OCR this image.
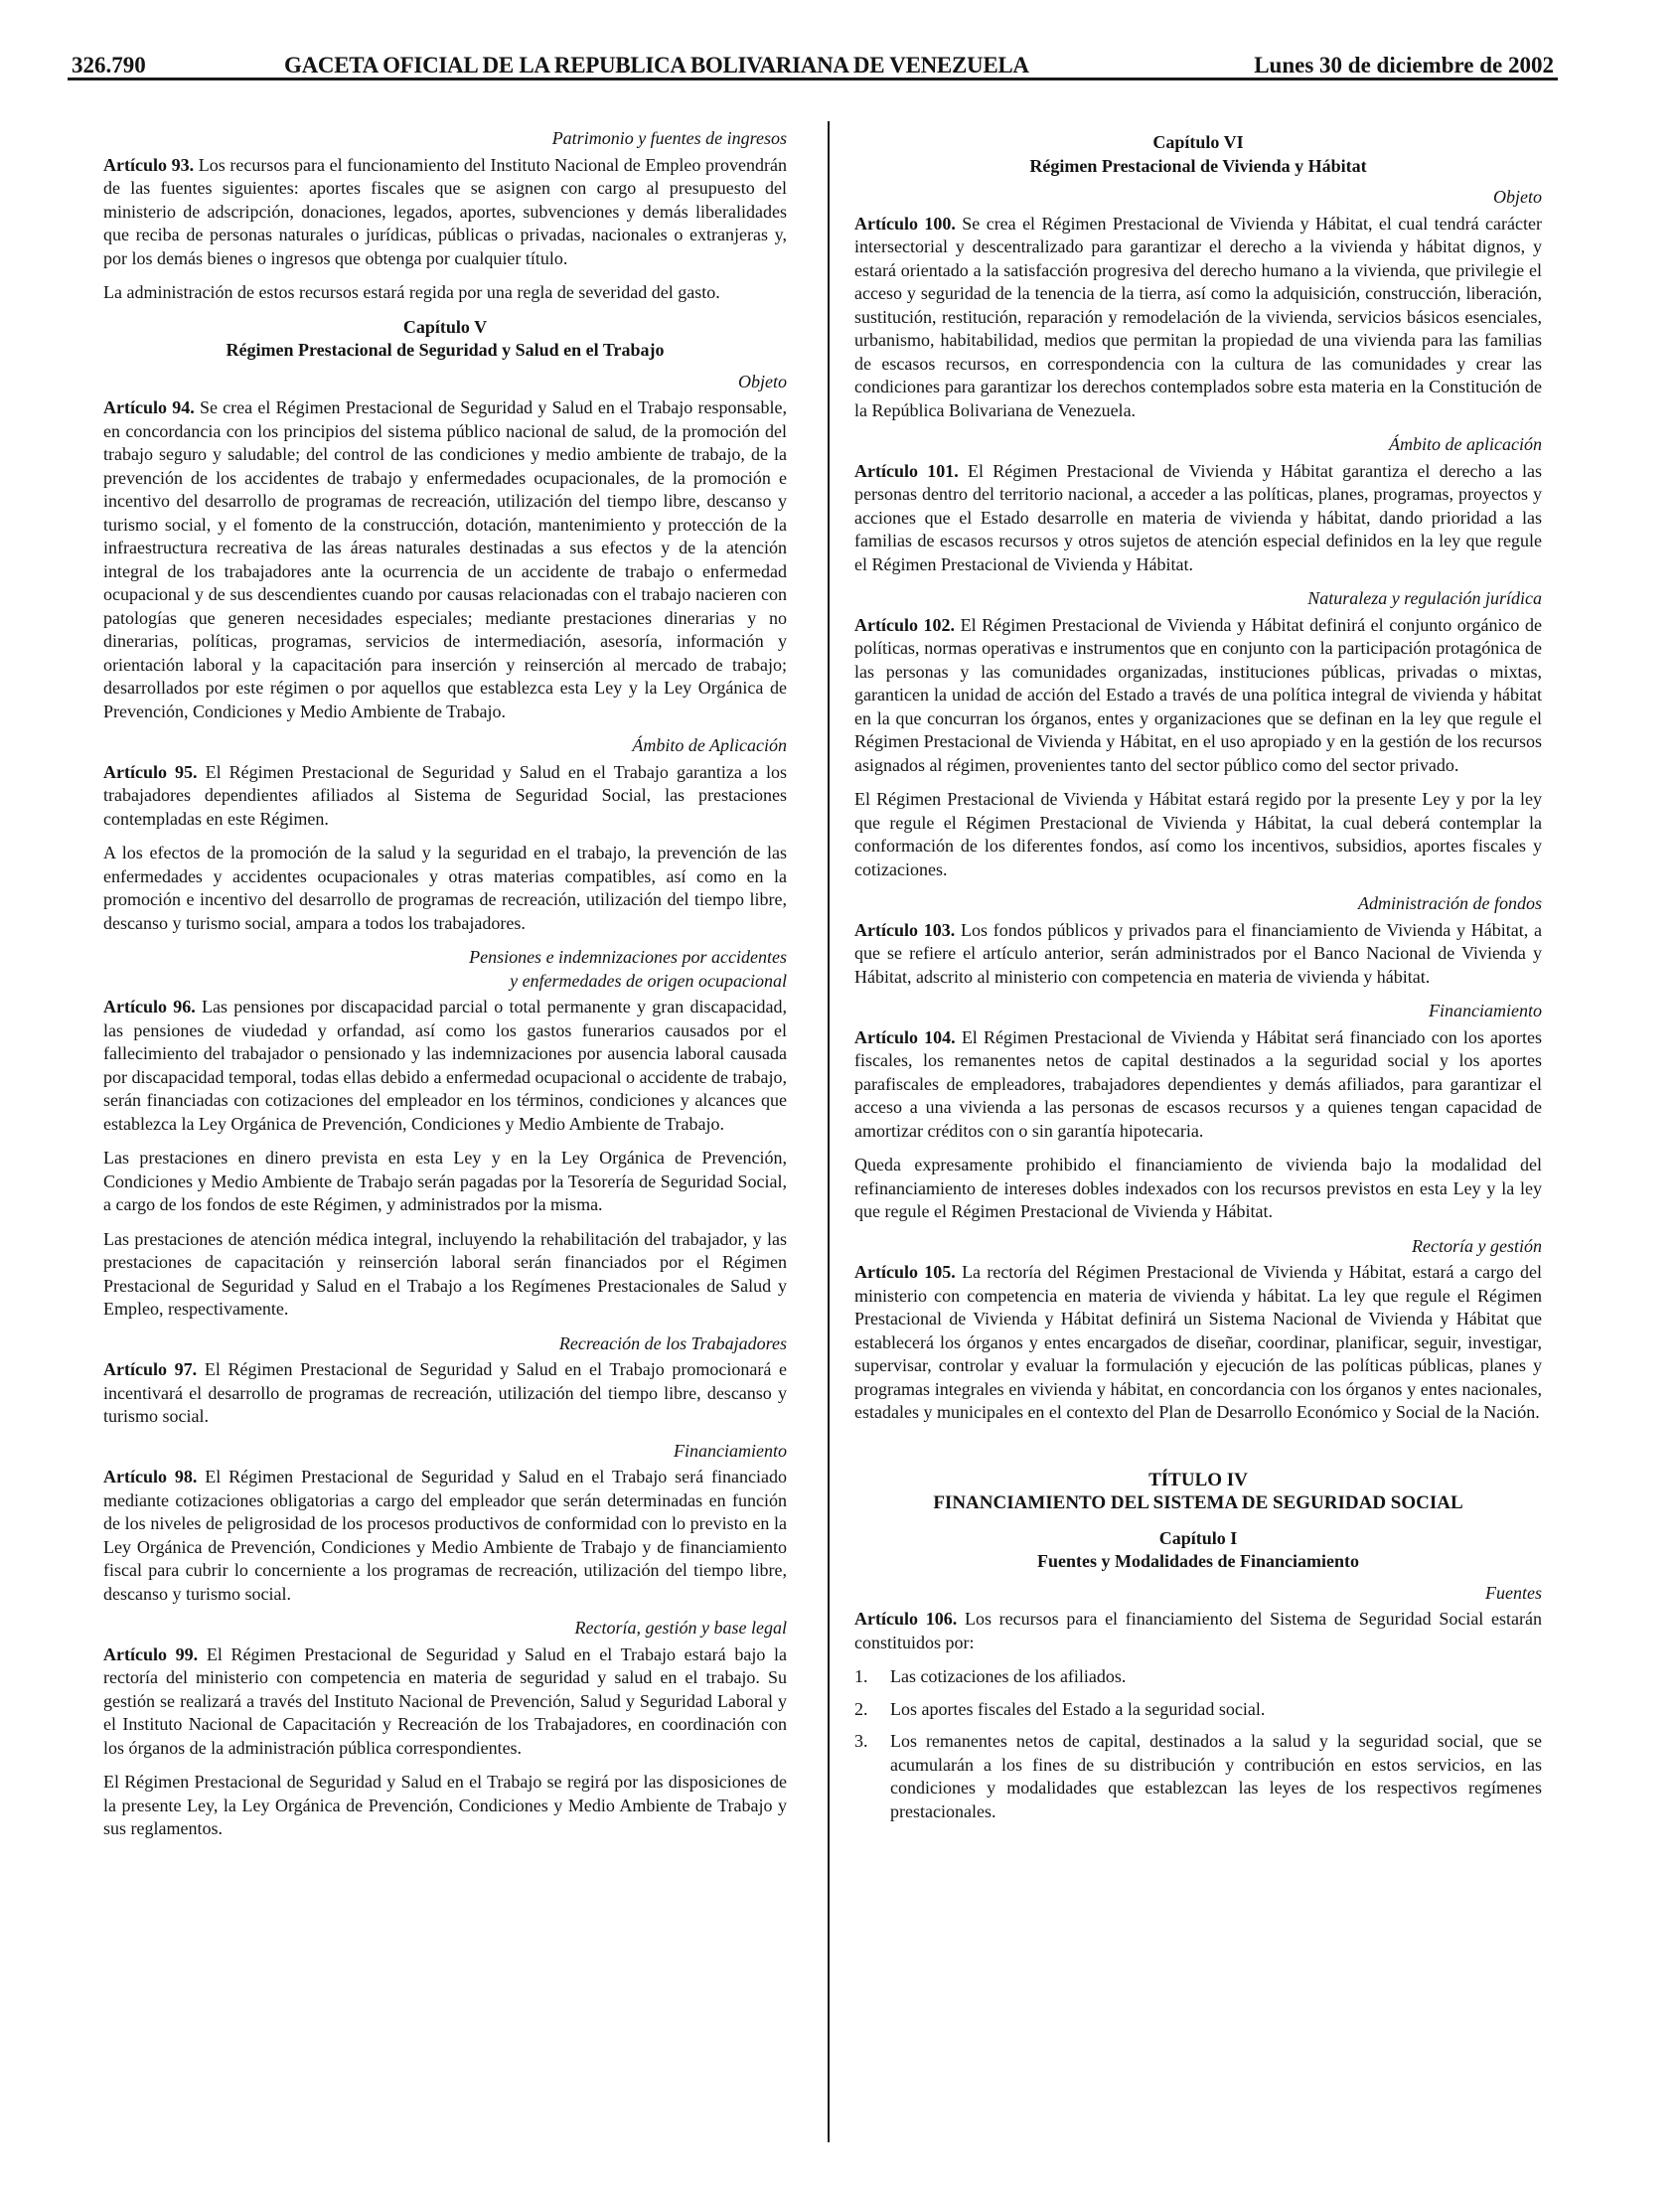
326.790	GACETA OFICIAL DE LA REPUBLICA BOLIVARIANA DE VENEZUELA	Lunes 30 de diciembre de 2002
Patrimonio y fuentes de ingresos

Artículo 93. Los recursos para el funcionamiento del Instituto Nacional de Empleo provendrán de las fuentes siguientes: aportes fiscales que se asignen con cargo al presupuesto del ministerio de adscripción, donaciones, legados, aportes, subvenciones y demás liberalidades que reciba de personas naturales o jurídicas, públicas o privadas, nacionales o extranjeras y, por los demás bienes o ingresos que obtenga por cualquier título.

La administración de estos recursos estará regida por una regla de severidad del gasto.

Capítulo V
Régimen Prestacional de Seguridad y Salud en el Trabajo
Objeto

Artículo 94. Se crea el Régimen Prestacional de Seguridad y Salud en el Trabajo responsable, en concordancia con los principios del sistema público nacional de salud, de la promoción del trabajo seguro y saludable; del control de las condiciones y medio ambiente de trabajo, de la prevención de los accidentes de trabajo y enfermedades ocupacionales, de la promoción e incentivo del desarrollo de programas de recreación, utilización del tiempo libre, descanso y turismo social, y el fomento de la construcción, dotación, mantenimiento y protección de la infraestructura recreativa de las áreas naturales destinadas a sus efectos y de la atención integral de los trabajadores ante la ocurrencia de un accidente de trabajo o enfermedad ocupacional y de sus descendientes cuando por causas relacionadas con el trabajo nacieren con patologías que generen necesidades especiales; mediante prestaciones dinerarias y no dinerarias, políticas, programas, servicios de intermediación, asesoría, información y orientación laboral y la capacitación para inserción y reinserción al mercado de trabajo; desarrollados por este régimen o por aquellos que establezca esta Ley y la Ley Orgánica de Prevención, Condiciones y Medio Ambiente de Trabajo.

Ámbito de Aplicación

Artículo 95. El Régimen Prestacional de Seguridad y Salud en el Trabajo garantiza a los trabajadores dependientes afiliados al Sistema de Seguridad Social, las prestaciones contempladas en este Régimen.

A los efectos de la promoción de la salud y la seguridad en el trabajo, la prevención de las enfermedades y accidentes ocupacionales y otras materias compatibles, así como en la promoción e incentivo del desarrollo de programas de recreación, utilización del tiempo libre, descanso y turismo social, ampara a todos los trabajadores.

Pensiones e indemnizaciones por accidentes
y enfermedades de origen ocupacional

Artículo 96. Las pensiones por discapacidad parcial o total permanente y gran discapacidad, las pensiones de viudedad y orfandad, así como los gastos funerarios causados por el fallecimiento del trabajador o pensionado y las indemnizaciones por ausencia laboral causada por discapacidad temporal, todas ellas debido a enfermedad ocupacional o accidente de trabajo, serán financiadas con cotizaciones del empleador en los términos, condiciones y alcances que establezca la Ley Orgánica de Prevención, Condiciones y Medio Ambiente de Trabajo.

Las prestaciones en dinero prevista en esta Ley y en la Ley Orgánica de Prevención, Condiciones y Medio Ambiente de Trabajo serán pagadas por la Tesorería de Seguridad Social, a cargo de los fondos de este Régimen, y administrados por la misma.

Las prestaciones de atención médica integral, incluyendo la rehabilitación del trabajador, y las prestaciones de capacitación y reinserción laboral serán financiados por el Régimen Prestacional de Seguridad y Salud en el Trabajo a los Regímenes Prestacionales de Salud y Empleo, respectivamente.

Recreación de los Trabajadores

Artículo 97. El Régimen Prestacional de Seguridad y Salud en el Trabajo promocionará e incentivará el desarrollo de programas de recreación, utilización del tiempo libre, descanso y turismo social.

Financiamiento

Artículo 98. El Régimen Prestacional de Seguridad y Salud en el Trabajo será financiado mediante cotizaciones obligatorias a cargo del empleador que serán determinadas en función de los niveles de peligrosidad de los procesos productivos de conformidad con lo previsto en la Ley Orgánica de Prevención, Condiciones y Medio Ambiente de Trabajo y de financiamiento fiscal para cubrir lo concerniente a los programas de recreación, utilización del tiempo libre, descanso y turismo social.

Rectoría, gestión y base legal

Artículo 99. El Régimen Prestacional de Seguridad y Salud en el Trabajo estará bajo la rectoría del ministerio con competencia en materia de seguridad y salud en el trabajo. Su gestión se realizará a través del Instituto Nacional de Prevención, Salud y Seguridad Laboral y el Instituto Nacional de Capacitación y Recreación de los Trabajadores, en coordinación con los órganos de la administración pública correspondientes.

El Régimen Prestacional de Seguridad y Salud en el Trabajo se regirá por las disposiciones de la presente Ley, la Ley Orgánica de Prevención, Condiciones y Medio Ambiente de Trabajo y sus reglamentos.

Capítulo VI
Régimen Prestacional de Vivienda y Hábitat
Objeto

Artículo 100. Se crea el Régimen Prestacional de Vivienda y Hábitat, el cual tendrá carácter intersectorial y descentralizado para garantizar el derecho a la vivienda y hábitat dignos, y estará orientado a la satisfacción progresiva del derecho humano a la vivienda, que privilegie el acceso y seguridad de la tenencia de la tierra, así como la adquisición, construcción, liberación, sustitución, restitución, reparación y remodelación de la vivienda, servicios básicos esenciales, urbanismo, habitabilidad, medios que permitan la propiedad de una vivienda para las familias de escasos recursos, en correspondencia con la cultura de las comunidades y crear las condiciones para garantizar los derechos contemplados sobre esta materia en la Constitución de la República Bolivariana de Venezuela.

Ámbito de aplicación

Artículo 101. El Régimen Prestacional de Vivienda y Hábitat garantiza el derecho a las personas dentro del territorio nacional, a acceder a las políticas, planes, programas, proyectos y acciones que el Estado desarrolle en materia de vivienda y hábitat, dando prioridad a las familias de escasos recursos y otros sujetos de atención especial definidos en la ley que regule el Régimen Prestacional de Vivienda y Hábitat.

Naturaleza y regulación jurídica

Artículo 102. El Régimen Prestacional de Vivienda y Hábitat definirá el conjunto orgánico de políticas, normas operativas e instrumentos que en conjunto con la participación protagónica de las personas y las comunidades organizadas, instituciones públicas, privadas o mixtas, garanticen la unidad de acción del Estado a través de una política integral de vivienda y hábitat en la que concurran los órganos, entes y organizaciones que se definan en la ley que regule el Régimen Prestacional de Vivienda y Hábitat, en el uso apropiado y en la gestión de los recursos asignados al régimen, provenientes tanto del sector público como del sector privado.

El Régimen Prestacional de Vivienda y Hábitat estará regido por la presente Ley y por la ley que regule el Régimen Prestacional de Vivienda y Hábitat, la cual deberá contemplar la conformación de los diferentes fondos, así como los incentivos, subsidios, aportes fiscales y cotizaciones.

Administración de fondos

Artículo 103. Los fondos públicos y privados para el financiamiento de Vivienda y Hábitat, a que se refiere el artículo anterior, serán administrados por el Banco Nacional de Vivienda y Hábitat, adscrito al ministerio con competencia en materia de vivienda y hábitat.

Financiamiento

Artículo 104. El Régimen Prestacional de Vivienda y Hábitat será financiado con los aportes fiscales, los remanentes netos de capital destinados a la seguridad social y los aportes parafiscales de empleadores, trabajadores dependientes y demás afiliados, para garantizar el acceso a una vivienda a las personas de escasos recursos y a quienes tengan capacidad de amortizar créditos con o sin garantía hipotecaria.

Queda expresamente prohibido el financiamiento de vivienda bajo la modalidad del refinanciamiento de intereses dobles indexados con los recursos previstos en esta Ley y la ley que regule el Régimen Prestacional de Vivienda y Hábitat.

Rectoría y gestión

Artículo 105. La rectoría del Régimen Prestacional de Vivienda y Hábitat, estará a cargo del ministerio con competencia en materia de vivienda y hábitat. La ley que regule el Régimen Prestacional de Vivienda y Hábitat definirá un Sistema Nacional de Vivienda y Hábitat que establecerá los órganos y entes encargados de diseñar, coordinar, planificar, seguir, investigar, supervisar, controlar y evaluar la formulación y ejecución de las políticas públicas, planes y programas integrales en vivienda y hábitat, en concordancia con los órganos y entes nacionales, estadales y municipales en el contexto del Plan de Desarrollo Económico y Social de la Nación.

TÍTULO IV
FINANCIAMIENTO DEL SISTEMA DE SEGURIDAD SOCIAL
Capítulo I
Fuentes y Modalidades de Financiamiento
Fuentes

Artículo 106. Los recursos para el financiamiento del Sistema de Seguridad Social estarán constituidos por:

1. Las cotizaciones de los afiliados.
2. Los aportes fiscales del Estado a la seguridad social.
3. Los remanentes netos de capital, destinados a la salud y la seguridad social, que se acumularán a los fines de su distribución y contribución en estos servicios, en las condiciones y modalidades que establezcan las leyes de los respectivos regímenes prestacionales.
